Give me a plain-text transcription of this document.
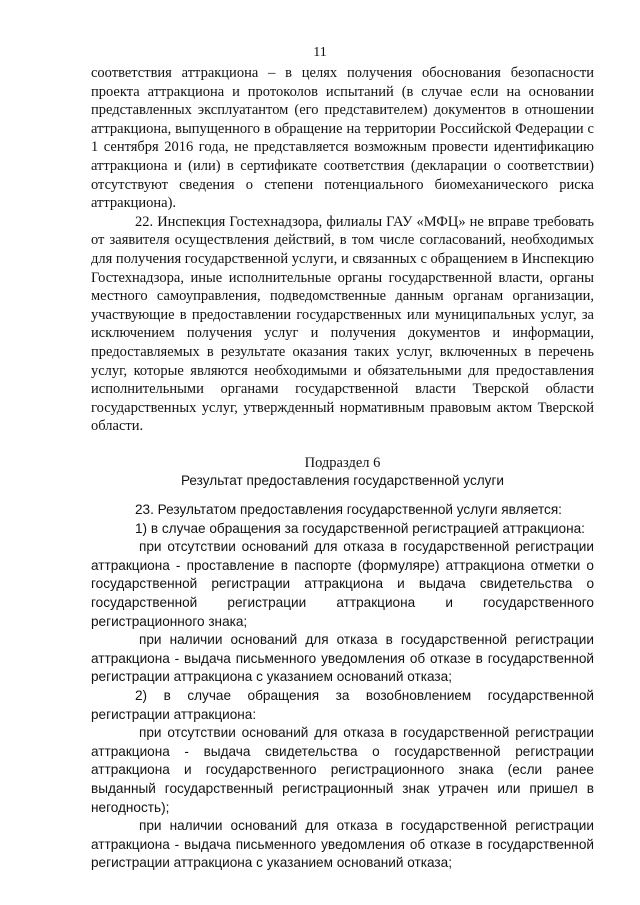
11

соответствия аттракциона – в целях получения обоснования безопасности проекта аттракциона и протоколов испытаний (в случае если на основании представленных эксплуатантом (его представителем) документов в отношении аттракциона, выпущенного в обращение на территории Российской Федерации с 1 сентября 2016 года, не представляется возможным провести идентификацию аттракциона и (или) в сертификате соответствия (декларации о соответствии) отсутствуют сведения о степени потенциального биомеханического риска аттракциона).

22. Инспекция Гостехнадзора, филиалы ГАУ «МФЦ» не вправе требовать от заявителя осуществления действий, в том числе согласований, необходимых для получения государственной услуги, и связанных с обращением в Инспекцию Гостехнадзора, иные исполнительные органы государственной власти, органы местного самоуправления, подведомственные данным органам организации, участвующие в предоставлении государственных или муниципальных услуг, за исключением получения услуг и получения документов и информации, предоставляемых в результате оказания таких услуг, включенных в перечень услуг, которые являются необходимыми и обязательными для предоставления исполнительными органами государственной власти Тверской области государственных услуг, утвержденный нормативным правовым актом Тверской области.

Подраздел 6

Результат предоставления государственной услуги

23. Результатом предоставления государственной услуги является:

1) в случае обращения за государственной регистрацией аттракциона:

при отсутствии оснований для отказа в государственной регистрации аттракциона - проставление в паспорте (формуляре) аттракциона отметки о государственной регистрации аттракциона и выдача свидетельства о государственной регистрации аттракциона и государственного регистрационного знака;

при наличии оснований для отказа в государственной регистрации аттракциона - выдача письменного уведомления об отказе в государственной регистрации аттракциона с указанием оснований отказа;

2) в случае обращения за возобновлением государственной регистрации аттракциона:

при отсутствии оснований для отказа в государственной регистрации аттракциона - выдача свидетельства о государственной регистрации аттракциона и государственного регистрационного знака (если ранее выданный государственный регистрационный знак утрачен или пришел в негодность);

при наличии оснований для отказа в государственной регистрации аттракциона - выдача письменного уведомления об отказе в государственной регистрации аттракциона с указанием оснований отказа;
